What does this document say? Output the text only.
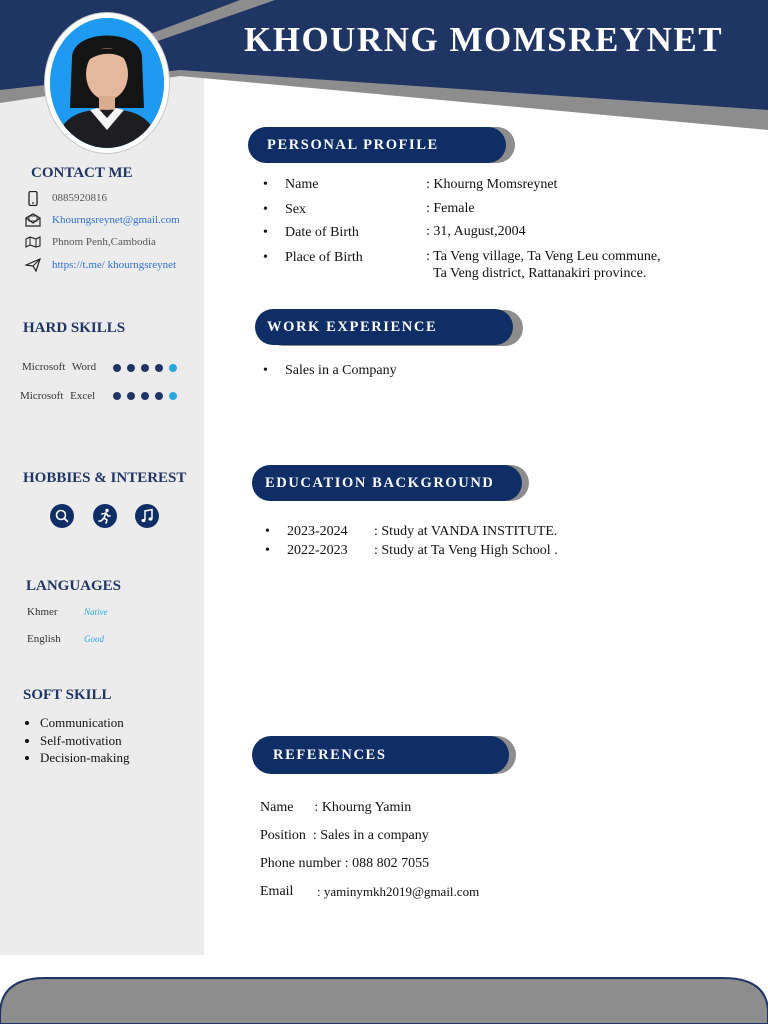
KHOURNG MOMSREYNET
CONTACT ME
0885920816
Khourngsreynet@gmail.com
Phnom Penh,Cambodia
https://t.me/ khourngsreynet
HARD SKILLS
Microsoft Word
Microsoft Excel
HOBBIES & INTEREST
LANGUAGES
Khmer	Native
English	Good
SOFT SKILL
• Communication
• Self-motivation
• Decision-making
PERSONAL PROFILE
• Name	: Khourng Momsreynet
• Sex	: Female
• Date of Birth	: 31, August,2004
• Place of Birth	: Ta Veng village, Ta Veng Leu commune,
Ta Veng district, Rattanakiri province.
WORK EXPERIENCE
• Sales in a Company
EDUCATION BACKGROUND
• 2023-2024 : Study at VANDA INSTITUTE.
• 2022-2023 : Study at Ta Veng High School .
REFERENCES
Name      : Khourng Yamin
Position  : Sales in a company
Phone number : 088 802 7055
Email : yaminymkh2019@gmail.com
